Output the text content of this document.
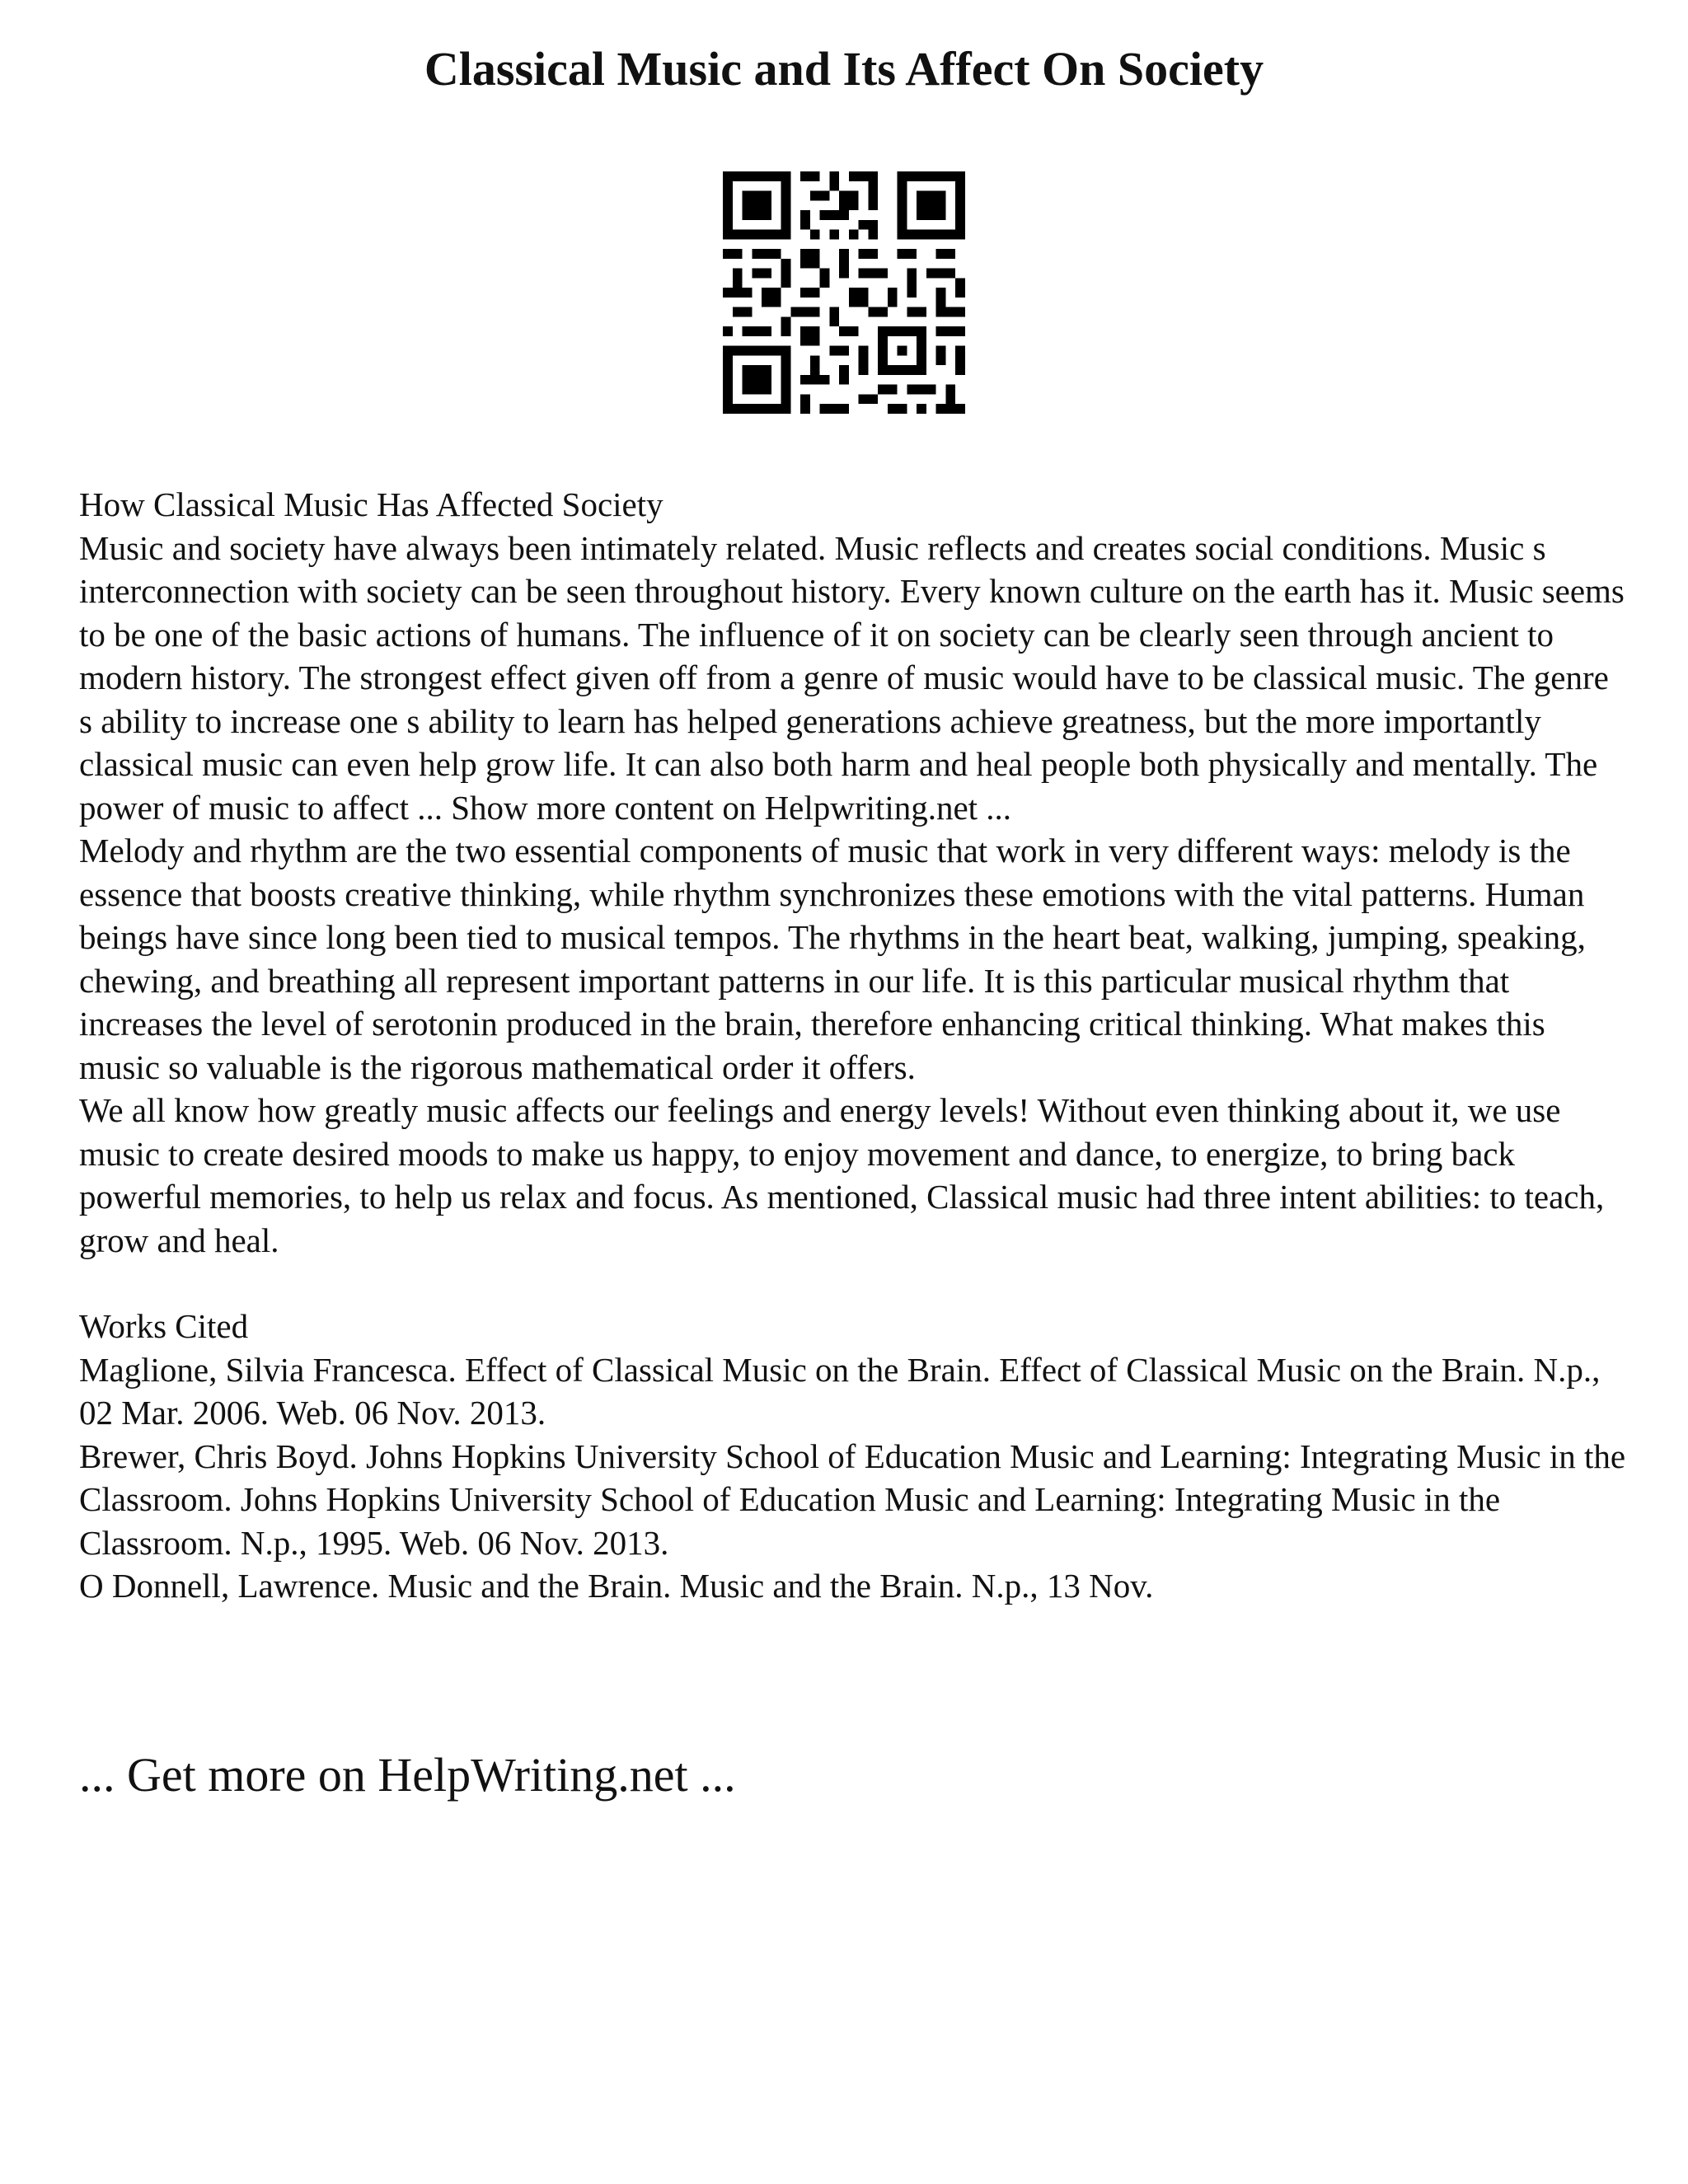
Classical Music and Its Affect On Society

How Classical Music Has Affected Society

Music and society have always been intimately related. Music reflects and creates social conditions. Music s interconnection with society can be seen throughout history. Every known culture on the earth has it. Music seems to be one of the basic actions of humans. The influence of it on society can be clearly seen through ancient to modern history. The strongest effect given off from a genre of music would have to be classical music. The genre s ability to increase one s ability to learn has helped generations achieve greatness, but the more importantly classical music can even help grow life. It can also both harm and heal people both physically and mentally. The power of music to affect ... Show more content on Helpwriting.net ...

Melody and rhythm are the two essential components of music that work in very different ways: melody is the essence that boosts creative thinking, while rhythm synchronizes these emotions with the vital patterns. Human beings have since long been tied to musical tempos. The rhythms in the heart beat, walking, jumping, speaking, chewing, and breathing all represent important patterns in our life. It is this particular musical rhythm that increases the level of serotonin produced in the brain, therefore enhancing critical thinking. What makes this music so valuable is the rigorous mathematical order it offers.

We all know how greatly music affects our feelings and energy levels! Without even thinking about it, we use music to create desired moods to make us happy, to enjoy movement and dance, to energize, to bring back powerful memories, to help us relax and focus. As mentioned, Classical music had three intent abilities: to teach, grow and heal.

Works Cited

Maglione, Silvia Francesca. Effect of Classical Music on the Brain. Effect of Classical Music on the Brain. N.p., 02 Mar. 2006. Web. 06 Nov. 2013.

Brewer, Chris Boyd. Johns Hopkins University School of Education Music and Learning: Integrating Music in the Classroom. Johns Hopkins University School of Education Music and Learning: Integrating Music in the Classroom. N.p., 1995. Web. 06 Nov. 2013.

O Donnell, Lawrence. Music and the Brain. Music and the Brain. N.p., 13 Nov.

... Get more on HelpWriting.net ...
